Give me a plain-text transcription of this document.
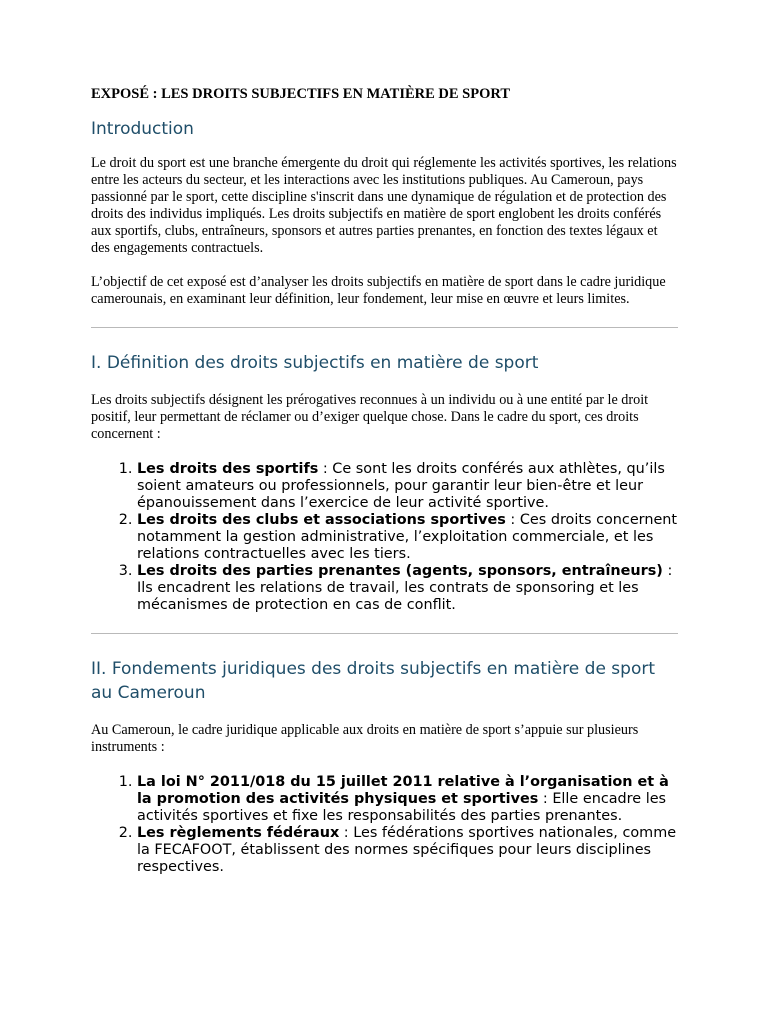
EXPOSÉ : LES DROITS SUBJECTIFS EN MATIÈRE DE SPORT
Introduction

Le droit du sport est une branche émergente du droit qui réglemente les activités sportives, les relations entre les acteurs du secteur, et les interactions avec les institutions publiques. Au Cameroun, pays passionné par le sport, cette discipline s'inscrit dans une dynamique de régulation et de protection des droits des individus impliqués. Les droits subjectifs en matière de sport englobent les droits conférés aux sportifs, clubs, entraîneurs, sponsors et autres parties prenantes, en fonction des textes légaux et des engagements contractuels.

L’objectif de cet exposé est d’analyser les droits subjectifs en matière de sport dans le cadre juridique camerounais, en examinant leur définition, leur fondement, leur mise en œuvre et leurs limites.

I. Définition des droits subjectifs en matière de sport

Les droits subjectifs désignent les prérogatives reconnues à un individu ou à une entité par le droit positif, leur permettant de réclamer ou d’exiger quelque chose. Dans le cadre du sport, ces droits concernent :

1. Les droits des sportifs : Ce sont les droits conférés aux athlètes, qu’ils soient amateurs ou professionnels, pour garantir leur bien-être et leur épanouissement dans l’exercice de leur activité sportive.
2. Les droits des clubs et associations sportives : Ces droits concernent notamment la gestion administrative, l’exploitation commerciale, et les relations contractuelles avec les tiers.
3. Les droits des parties prenantes (agents, sponsors, entraîneurs) : Ils encadrent les relations de travail, les contrats de sponsoring et les mécanismes de protection en cas de conflit.
II. Fondements juridiques des droits subjectifs en matière de sport au Cameroun

Au Cameroun, le cadre juridique applicable aux droits en matière de sport s’appuie sur plusieurs instruments :

1. La loi N° 2011/018 du 15 juillet 2011 relative à l’organisation et à la promotion des activités physiques et sportives : Elle encadre les activités sportives et fixe les responsabilités des parties prenantes.
2. Les règlements fédéraux : Les fédérations sportives nationales, comme la FECAFOOT, établissent des normes spécifiques pour leurs disciplines respectives.
